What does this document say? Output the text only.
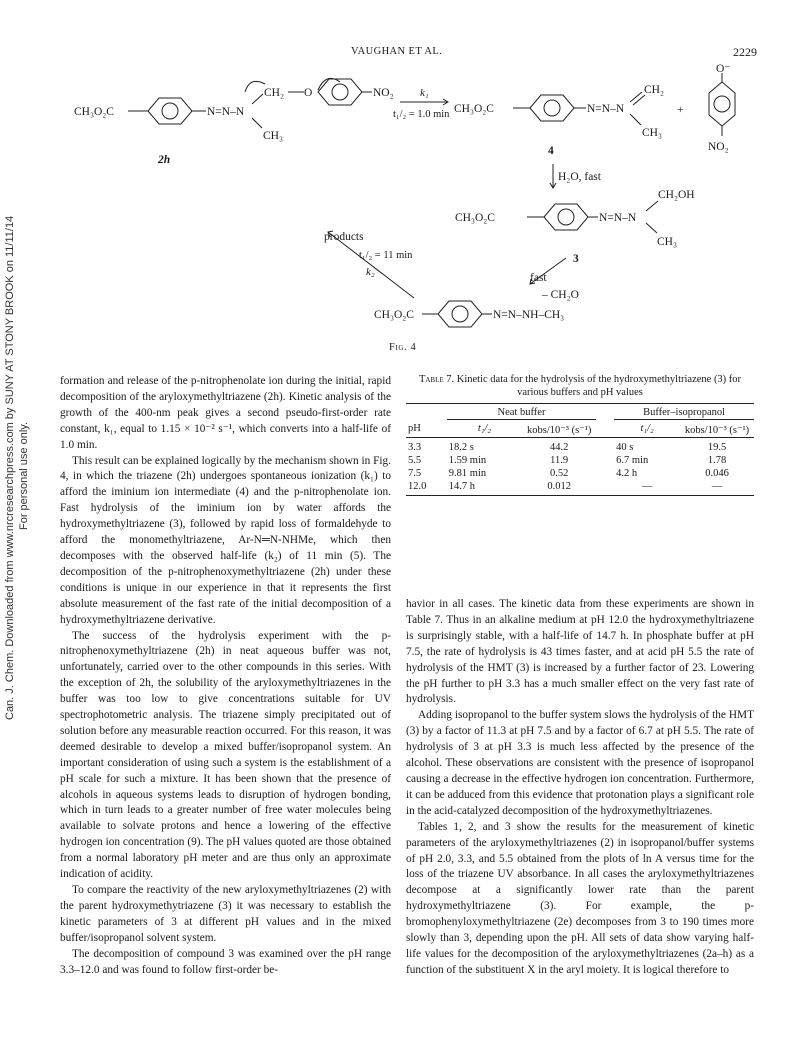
VAUGHAN ET AL.	2229
Can. J. Chem. Downloaded from www.nrcresearchpress.com by SUNY AT STONY BROOK on 11/11/14 For personal use only.
CH₃O₂C	N=N–N
CH₂ O	NO₂
CH₃
2h
k₁
t₁/₂ = 1.0 min CH₃O₂C	N=N–N
CH₂
CH₃
+
O⁻
NO₂
4
H₂O, fast
CH₂OH
CH₃O₂C	N=N–N
CH₃
3
products
t₁/₂ = 11 min
k₂	fast
– CH₂O
CH₃O₂C	N=N–NH–CH₃
Fig. 4

formation and release of the p-nitrophenolate ion during the initial, rapid decomposition of the aryloxymethyltriazene (2h). Kinetic analysis of the growth of the 400-nm peak gives a second pseudo-first-order rate constant, k₁, equal to 1.15 × 10⁻² s⁻¹, which converts into a half-life of 1.0 min.

This result can be explained logically by the mechanism shown in Fig. 4, in which the triazene (2h) undergoes spontaneous ionization (k₁) to afford the iminium ion intermediate (4) and the p-nitrophenolate ion. Fast hydrolysis of the iminium ion by water affords the hydroxymethyltriazene (3), followed by rapid loss of formaldehyde to afford the monomethyltriazene, Ar-N═N-NHMe, which then decomposes with the observed half-life (k₂) of 11 min (5). The decomposition of the p-nitrophenoxymethyltriazene (2h) under these conditions is unique in our experience in that it represents the first absolute measurement of the fast rate of the initial decomposition of a hydroxymethyltriazene derivative.

The success of the hydrolysis experiment with the p-nitrophenoxymethyltriazene (2h) in neat aqueous buffer was not, unfortunately, carried over to the other compounds in this series. With the exception of 2h, the solubility of the aryloxymethyltriazenes in the buffer was too low to give concentrations suitable for UV spectrophotometric analysis. The triazene simply precipitated out of solution before any measurable reaction occurred. For this reason, it was deemed desirable to develop a mixed buffer/isopropanol system. An important consideration of using such a system is the establishment of a pH scale for such a mixture. It has been shown that the presence of alcohols in aqueous systems leads to disruption of hydrogen bonding, which in turn leads to a greater number of free water molecules being available to solvate protons and hence a lowering of the effective hydrogen ion concentration (9). The pH values quoted are those obtained from a normal laboratory pH meter and are thus only an approximate indication of acidity.

To compare the reactivity of the new aryloxymethyltriazenes (2) with the parent hydroxymethytriazene (3) it was necessary to establish the kinetic parameters of 3 at different pH values and in the mixed buffer/isopropanol solvent system.

The decomposition of compound 3 was examined over the pH range 3.3–12.0 and was found to follow first-order be-

Table 7. Kinetic data for the hydrolysis of the hydroxymethyltriazene (3) for various buffers and pH values
	Neat buffer			Buffer–isopropanol	
pH	t₁/₂	kobs/10⁻³ (s⁻¹)		t₁/₂	kobs/10⁻³ (s⁻¹)
3.3	18.2 s	44.2		40 s	19.5
5.5	1.59 min	11.9		6.7 min	1.78
7.5	9.81 min	0.52		4.2 h	0.046
12.0	14.7 h	0.012		—	—

havior in all cases. The kinetic data from these experiments are shown in Table 7. Thus in an alkaline medium at pH 12.0 the hydroxymethyltriazene is surprisingly stable, with a half-life of 14.7 h. In phosphate buffer at pH 7.5, the rate of hydrolysis is 43 times faster, and at acid pH 5.5 the rate of hydrolysis of the HMT (3) is increased by a further factor of 23. Lowering the pH further to pH 3.3 has a much smaller effect on the very fast rate of hydrolysis.

Adding isopropanol to the buffer system slows the hydrolysis of the HMT (3) by a factor of 11.3 at pH 7.5 and by a factor of 6.7 at pH 5.5. The rate of hydrolysis of 3 at pH 3.3 is much less affected by the presence of the alcohol. These observations are consistent with the presence of isopropanol causing a decrease in the effective hydrogen ion concentration. Furthermore, it can be adduced from this evidence that protonation plays a significant role in the acid-catalyzed decomposition of the hydroxymethyltriazenes.

Tables 1, 2, and 3 show the results for the measurement of kinetic parameters of the aryloxymethyltriazenes (2) in isopropanol/buffer systems of pH 2.0, 3.3, and 5.5 obtained from the plots of ln A versus time for the loss of the triazene UV absorbance. In all cases the aryloxymethyltriazenes decompose at a significantly lower rate than the parent hydroxymethyltriazene (3). For example, the p-bromophenyloxymethyltriazene (2e) decomposes from 3 to 190 times more slowly than 3, depending upon the pH. All sets of data show varying half-life values for the decomposition of the aryloxymethyltriazenes (2a–h) as a function of the substituent X in the aryl moiety. It is logical therefore to
